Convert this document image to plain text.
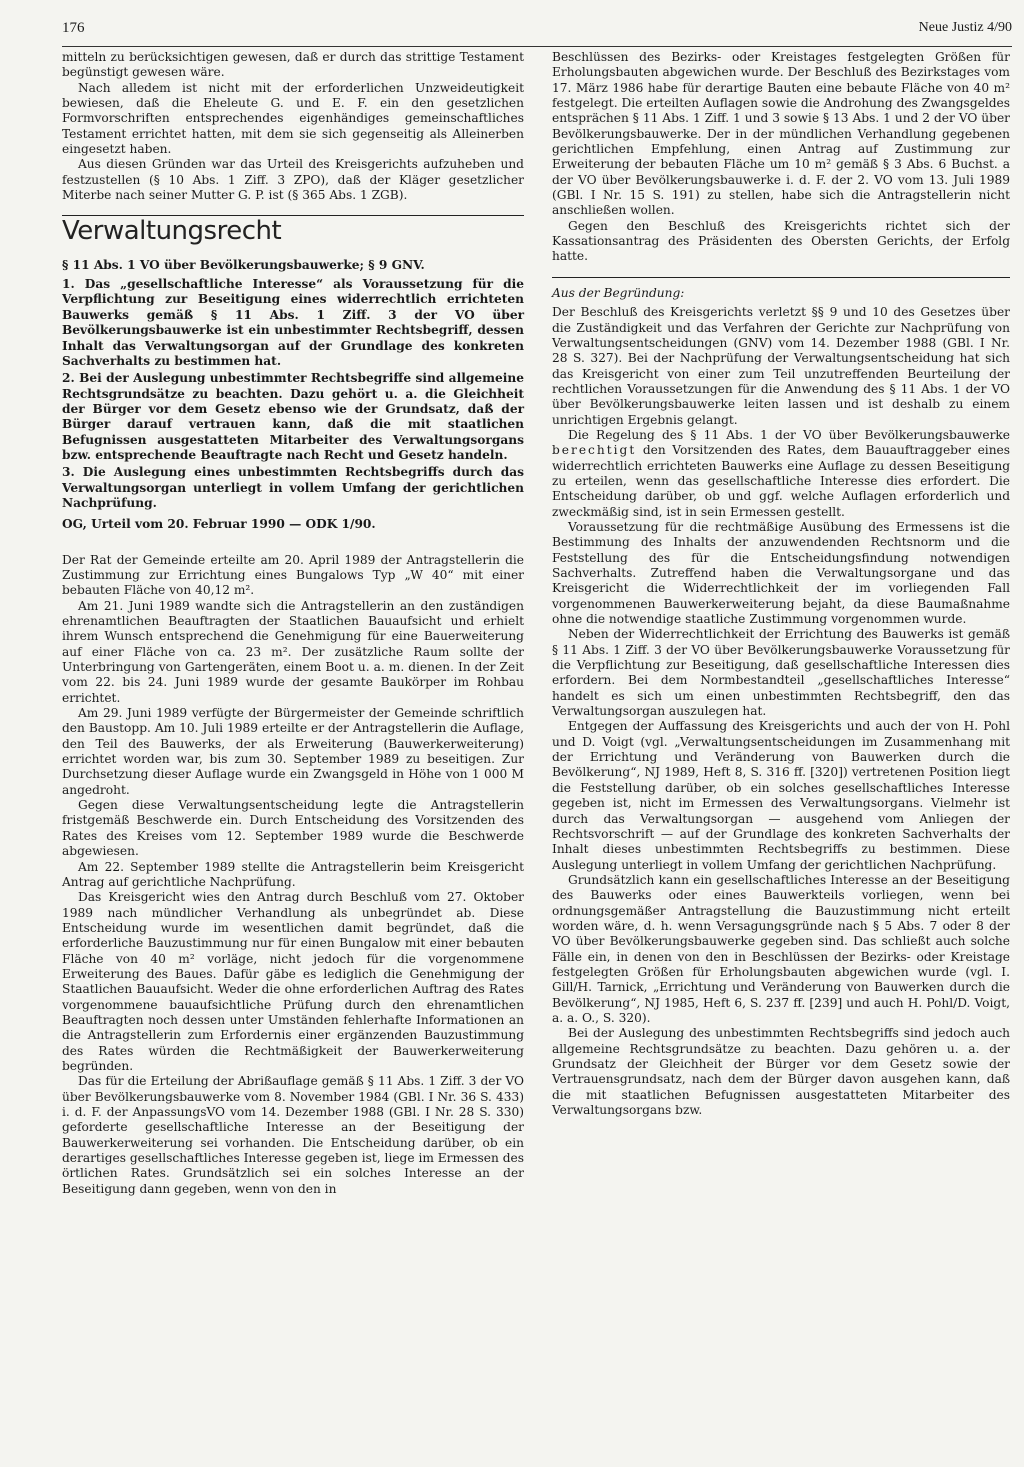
176	Neue Justiz 4/90

mitteln zu berücksichtigen gewesen, daß er durch das strittige Testament begünstigt gewesen wäre.

Nach alledem ist nicht mit der erforderlichen Unzweideutigkeit bewiesen, daß die Eheleute G. und E. F. ein den gesetzlichen Formvorschriften entsprechendes eigenhändiges gemeinschaftliches Testament errichtet hatten, mit dem sie sich gegenseitig als Alleinerben eingesetzt haben.

Aus diesen Gründen war das Urteil des Kreisgerichts aufzuheben und festzustellen (§ 10 Abs. 1 Ziff. 3 ZPO), daß der Kläger gesetzlicher Miterbe nach seiner Mutter G. P. ist (§ 365 Abs. 1 ZGB).

Verwaltungsrecht

§ 11 Abs. 1 VO über Bevölkerungsbauwerke; § 9 GNV.

1. Das „gesellschaftliche Interesse“ als Voraussetzung für die Verpflichtung zur Beseitigung eines widerrechtlich errichteten Bauwerks gemäß § 11 Abs. 1 Ziff. 3 der VO über Bevölkerungsbauwerke ist ein unbestimmter Rechtsbegriff, dessen Inhalt das Verwaltungsorgan auf der Grundlage des konkreten Sachverhalts zu bestimmen hat.

2. Bei der Auslegung unbestimmter Rechtsbegriffe sind allgemeine Rechtsgrundsätze zu beachten. Dazu gehört u. a. die Gleichheit der Bürger vor dem Gesetz ebenso wie der Grundsatz, daß der Bürger darauf vertrauen kann, daß die mit staatlichen Befugnissen ausgestatteten Mitarbeiter des Verwaltungsorgans bzw. entsprechende Beauftragte nach Recht und Gesetz handeln.

3. Die Auslegung eines unbestimmten Rechtsbegriffs durch das Verwaltungsorgan unterliegt in vollem Umfang der gerichtlichen Nachprüfung.

OG, Urteil vom 20. Februar 1990 — ODK 1/90.

Der Rat der Gemeinde erteilte am 20. April 1989 der Antragstellerin die Zustimmung zur Errichtung eines Bungalows Typ „W 40“ mit einer bebauten Fläche von 40,12 m².

Am 21. Juni 1989 wandte sich die Antragstellerin an den zuständigen ehrenamtlichen Beauftragten der Staatlichen Bauaufsicht und erhielt ihrem Wunsch entsprechend die Genehmigung für eine Bauerweiterung auf einer Fläche von ca. 23 m². Der zusätzliche Raum sollte der Unterbringung von Gartengeräten, einem Boot u. a. m. dienen. In der Zeit vom 22. bis 24. Juni 1989 wurde der gesamte Baukörper im Rohbau errichtet.

Am 29. Juni 1989 verfügte der Bürgermeister der Gemeinde schriftlich den Baustopp. Am 10. Juli 1989 erteilte er der Antragstellerin die Auflage, den Teil des Bauwerks, der als Erweiterung (Bauwerkerweiterung) errichtet worden war, bis zum 30. September 1989 zu beseitigen. Zur Durchsetzung dieser Auflage wurde ein Zwangsgeld in Höhe von 1 000 M angedroht.

Gegen diese Verwaltungsentscheidung legte die Antragstellerin fristgemäß Beschwerde ein. Durch Entscheidung des Vorsitzenden des Rates des Kreises vom 12. September 1989 wurde die Beschwerde abgewiesen.

Am 22. September 1989 stellte die Antragstellerin beim Kreisgericht Antrag auf gerichtliche Nachprüfung.

Das Kreisgericht wies den Antrag durch Beschluß vom 27. Oktober 1989 nach mündlicher Verhandlung als unbegründet ab. Diese Entscheidung wurde im wesentlichen damit begründet, daß die erforderliche Bauzustimmung nur für einen Bungalow mit einer bebauten Fläche von 40 m² vorläge, nicht jedoch für die vorgenommene Erweiterung des Baues. Dafür gäbe es lediglich die Genehmigung der Staatlichen Bauaufsicht. Weder die ohne erforderlichen Auftrag des Rates vorgenommene bauaufsichtliche Prüfung durch den ehrenamtlichen Beauftragten noch dessen unter Umständen fehlerhafte Informationen an die Antragstellerin zum Erfordernis einer ergänzenden Bauzustimmung des Rates würden die Rechtmäßigkeit der Bauwerkerweiterung begründen.

Das für die Erteilung der Abrißauflage gemäß § 11 Abs. 1 Ziff. 3 der VO über Bevölkerungsbauwerke vom 8. November 1984 (GBl. I Nr. 36 S. 433) i. d. F. der AnpassungsVO vom 14. Dezember 1988 (GBl. I Nr. 28 S. 330) geforderte gesellschaftliche Interesse an der Beseitigung der Bauwerkerweiterung sei vorhanden. Die Entscheidung darüber, ob ein derartiges gesellschaftliches Interesse gegeben ist, liege im Ermessen des örtlichen Rates. Grundsätzlich sei ein solches Interesse an der Beseitigung dann gegeben, wenn von den in

Beschlüssen des Bezirks- oder Kreistages festgelegten Größen für Erholungsbauten abgewichen wurde. Der Beschluß des Bezirkstages vom 17. März 1986 habe für derartige Bauten eine bebaute Fläche von 40 m² festgelegt. Die erteilten Auflagen sowie die Androhung des Zwangsgeldes entsprächen § 11 Abs. 1 Ziff. 1 und 3 sowie § 13 Abs. 1 und 2 der VO über Bevölkerungsbauwerke. Der in der mündlichen Verhandlung gegebenen gerichtlichen Empfehlung, einen Antrag auf Zustimmung zur Erweiterung der bebauten Fläche um 10 m² gemäß § 3 Abs. 6 Buchst. a der VO über Bevölkerungsbauwerke i. d. F. der 2. VO vom 13. Juli 1989 (GBl. I Nr. 15 S. 191) zu stellen, habe sich die Antragstellerin nicht anschließen wollen.

Gegen den Beschluß des Kreisgerichts richtet sich der Kassationsantrag des Präsidenten des Obersten Gerichts, der Erfolg hatte.

Aus der Begründung:

Der Beschluß des Kreisgerichts verletzt §§ 9 und 10 des Gesetzes über die Zuständigkeit und das Verfahren der Gerichte zur Nachprüfung von Verwaltungsentscheidungen (GNV) vom 14. Dezember 1988 (GBl. I Nr. 28 S. 327). Bei der Nachprüfung der Verwaltungsentscheidung hat sich das Kreisgericht von einer zum Teil unzutreffenden Beurteilung der rechtlichen Voraussetzungen für die Anwendung des § 11 Abs. 1 der VO über Bevölkerungsbauwerke leiten lassen und ist deshalb zu einem unrichtigen Ergebnis gelangt.

Die Regelung des § 11 Abs. 1 der VO über Bevölkerungsbauwerke berechtigt den Vorsitzenden des Rates, dem Bauauftraggeber eines widerrechtlich errichteten Bauwerks eine Auflage zu dessen Beseitigung zu erteilen, wenn das gesellschaftliche Interesse dies erfordert. Die Entscheidung darüber, ob und ggf. welche Auflagen erforderlich und zweckmäßig sind, ist in sein Ermessen gestellt.

Voraussetzung für die rechtmäßige Ausübung des Ermessens ist die Bestimmung des Inhalts der anzuwendenden Rechtsnorm und die Feststellung des für die Entscheidungsfindung notwendigen Sachverhalts. Zutreffend haben die Verwaltungsorgane und das Kreisgericht die Widerrechtlichkeit der im vorliegenden Fall vorgenommenen Bauwerkerweiterung bejaht, da diese Baumaßnahme ohne die notwendige staatliche Zustimmung vorgenommen wurde.

Neben der Widerrechtlichkeit der Errichtung des Bauwerks ist gemäß § 11 Abs. 1 Ziff. 3 der VO über Bevölkerungsbauwerke Voraussetzung für die Verpflichtung zur Beseitigung, daß gesellschaftliche Interessen dies erfordern. Bei dem Normbestandteil „gesellschaftliches Interesse“ handelt es sich um einen unbestimmten Rechtsbegriff, den das Verwaltungsorgan auszulegen hat.

Entgegen der Auffassung des Kreisgerichts und auch der von H. Pohl und D. Voigt (vgl. „Verwaltungsentscheidungen im Zusammenhang mit der Errichtung und Veränderung von Bauwerken durch die Bevölkerung“, NJ 1989, Heft 8, S. 316 ff. [320]) vertretenen Position liegt die Feststellung darüber, ob ein solches gesellschaftliches Interesse gegeben ist, nicht im Ermessen des Verwaltungsorgans. Vielmehr ist durch das Verwaltungsorgan — ausgehend vom Anliegen der Rechtsvorschrift — auf der Grundlage des konkreten Sachverhalts der Inhalt dieses unbestimmten Rechtsbegriffs zu bestimmen. Diese Auslegung unterliegt in vollem Umfang der gerichtlichen Nachprüfung.

Grundsätzlich kann ein gesellschaftliches Interesse an der Beseitigung des Bauwerks oder eines Bauwerkteils vorliegen, wenn bei ordnungsgemäßer Antragstellung die Bauzustimmung nicht erteilt worden wäre, d. h. wenn Versagungsgründe nach § 5 Abs. 7 oder 8 der VO über Bevölkerungsbauwerke gegeben sind. Das schließt auch solche Fälle ein, in denen von den in Beschlüssen der Bezirks- oder Kreistage festgelegten Größen für Erholungsbauten abgewichen wurde (vgl. I. Gill/H. Tarnick, „Errichtung und Veränderung von Bauwerken durch die Bevölkerung“, NJ 1985, Heft 6, S. 237 ff. [239] und auch H. Pohl/D. Voigt, a. a. O., S. 320).

Bei der Auslegung des unbestimmten Rechtsbegriffs sind jedoch auch allgemeine Rechtsgrundsätze zu beachten. Dazu gehören u. a. der Grundsatz der Gleichheit der Bürger vor dem Gesetz sowie der Vertrauensgrundsatz, nach dem der Bürger davon ausgehen kann, daß die mit staatlichen Befugnissen ausgestatteten Mitarbeiter des Verwaltungsorgans bzw.
